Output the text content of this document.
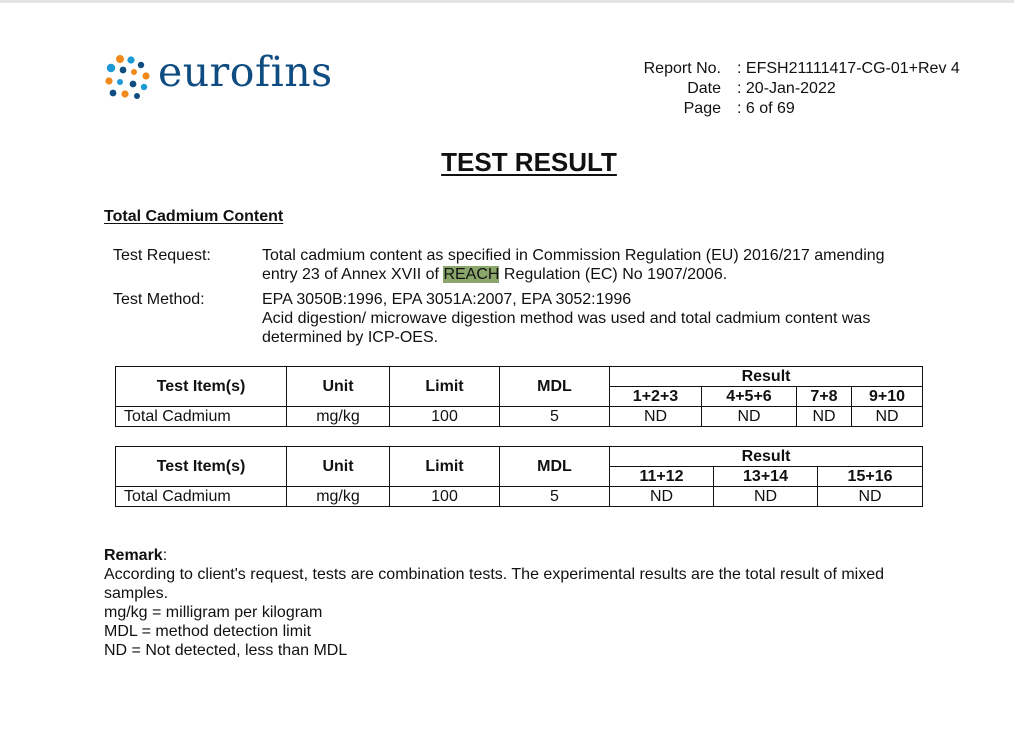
eurofins	Report No.	: EFSH21111417-CG-01+Rev 4
Date	: 20-Jan-2022
Page	: 6 of 69
TEST RESULT
Total Cadmium Content
Test Request:	Total cadmium content as specified in Commission Regulation (EU) 2016/217 amending entry 23 of Annex XVII of REACH Regulation (EC) No 1907/2006.
Test Method:	EPA 3050B:1996, EPA 3051A:2007, EPA 3052:1996
Acid digestion/ microwave digestion method was used and total cadmium content was determined by ICP-OES.
Test Item(s)	Unit	Limit	MDL	Result			
				1+2+3	4+5+6	7+8	9+10
Total Cadmium	mg/kg	100	5	ND	ND	ND	ND
Test Item(s)	Unit	Limit	MDL	Result		
				11+12	13+14	15+16
Total Cadmium	mg/kg	100	5	ND	ND	ND
Remark:
According to client's request, tests are combination tests. The experimental results are the total result of mixed samples.
mg/kg = milligram per kilogram
MDL = method detection limit
ND = Not detected, less than MDL
